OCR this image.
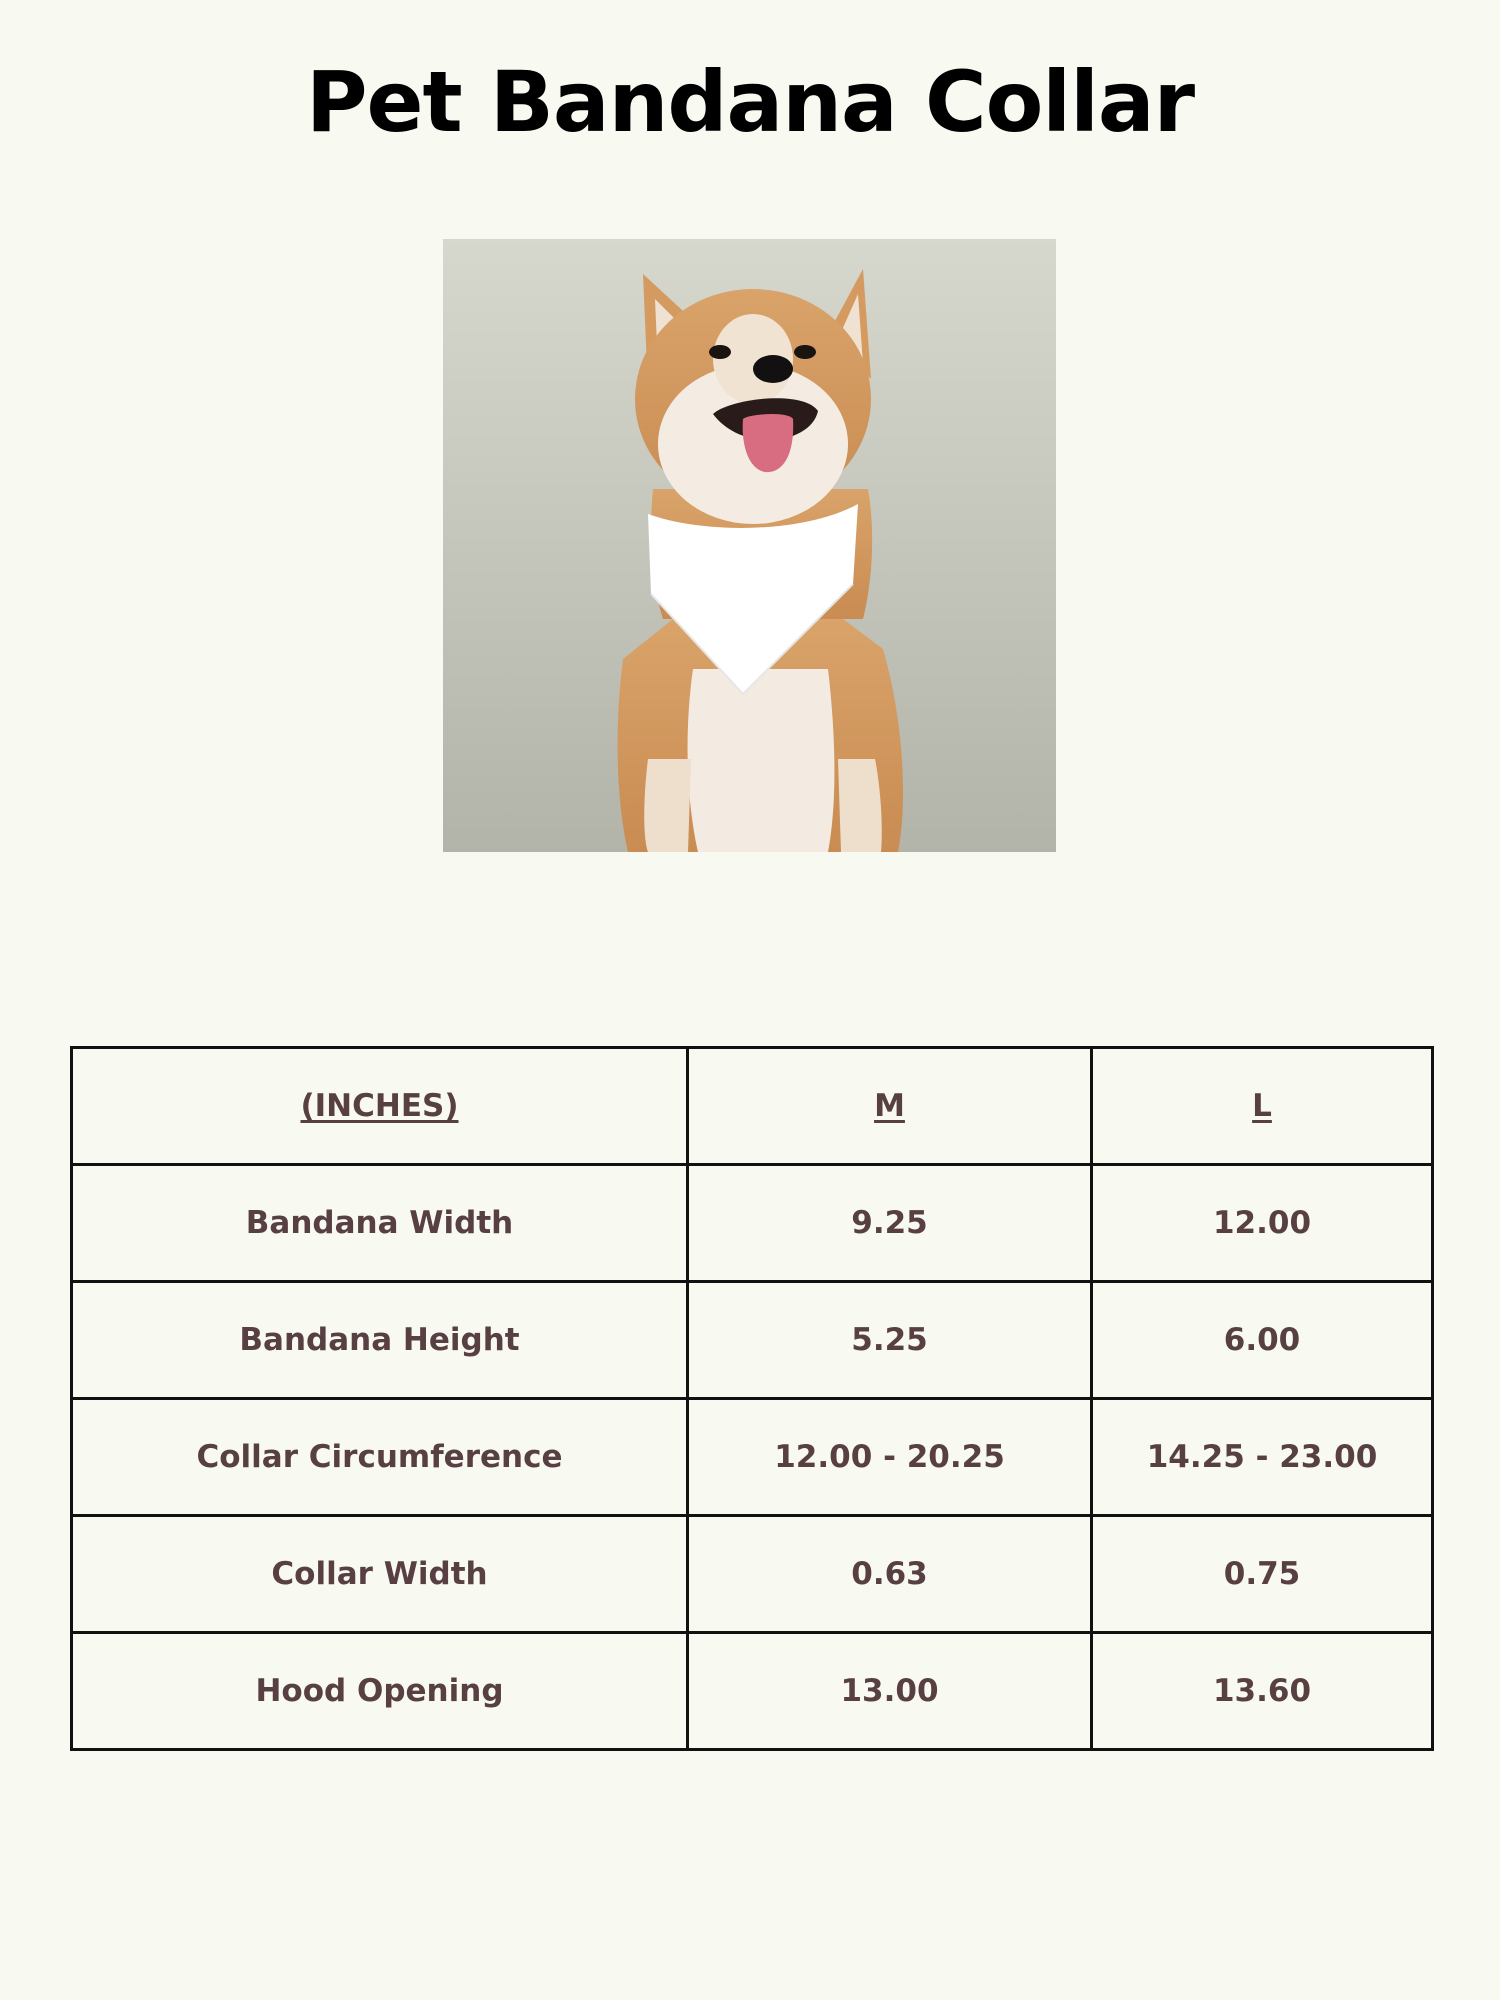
Pet Bandana Collar
(INCHES)	M	L
Bandana Width	9.25	12.00
Bandana Height	5.25	6.00
Collar Circumference	12.00 - 20.25	14.25 - 23.00
Collar Width	0.63	0.75
Hood Opening	13.00	13.60
